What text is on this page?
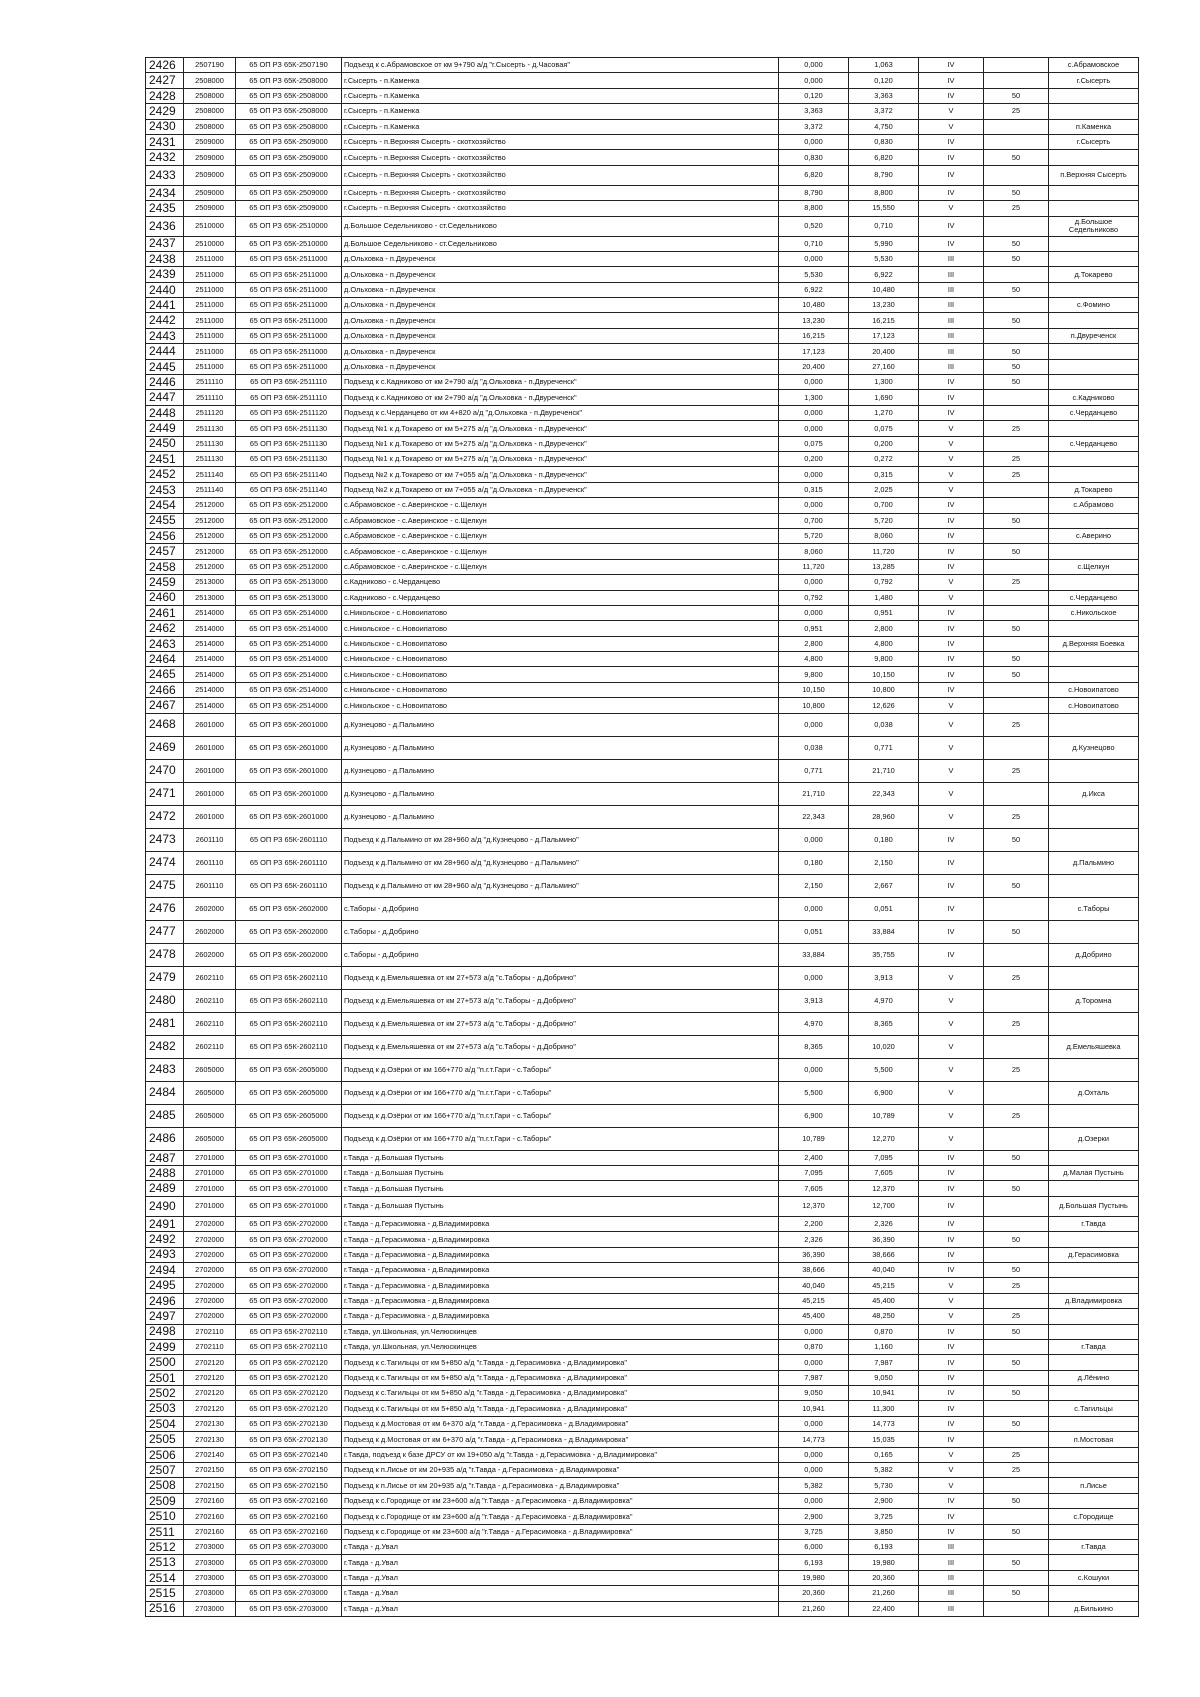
2426	2507190	65 ОП РЗ 65К-2507190	Подъезд к с.Абрамовское от км 9+790 а/д "г.Сысерть - д.Часовая"	0,000	1,063	IV		с.Абрамовское
2427	2508000	65 ОП РЗ 65К-2508000	г.Сысерть - п.Каменка	0,000	0,120	IV		г.Сысерть
2428	2508000	65 ОП РЗ 65К-2508000	г.Сысерть - п.Каменка	0,120	3,363	IV	50	
2429	2508000	65 ОП РЗ 65К-2508000	г.Сысерть - п.Каменка	3,363	3,372	V	25	
2430	2508000	65 ОП РЗ 65К-2508000	г.Сысерть - п.Каменка	3,372	4,750	V		п.Каменка
2431	2509000	65 ОП РЗ 65К-2509000	г.Сысерть - п.Верхняя Сысерть - скотхозяйство	0,000	0,830	IV		г.Сысерть
2432	2509000	65 ОП РЗ 65К-2509000	г.Сысерть - п.Верхняя Сысерть - скотхозяйство	0,830	6,820	IV	50	
2433	2509000	65 ОП РЗ 65К-2509000	г.Сысерть - п.Верхняя Сысерть - скотхозяйство	6,820	8,790	IV		п.Верхняя Сысерть
2434	2509000	65 ОП РЗ 65К-2509000	г.Сысерть - п.Верхняя Сысерть - скотхозяйство	8,790	8,800	IV	50	
2435	2509000	65 ОП РЗ 65К-2509000	г.Сысерть - п.Верхняя Сысерть - скотхозяйство	8,800	15,550	V	25	
2436	2510000	65 ОП РЗ 65К-2510000	д.Большое Седельниково - ст.Седельниково	0,520	0,710	IV		д.Большое Седельниково
2437	2510000	65 ОП РЗ 65К-2510000	д.Большое Седельниково - ст.Седельниково	0,710	5,990	IV	50	
2438	2511000	65 ОП РЗ 65К-2511000	д.Ольховка - п.Двуреченск	0,000	5,530	III	50	
2439	2511000	65 ОП РЗ 65К-2511000	д.Ольховка - п.Двуреченск	5,530	6,922	III		д.Токарево
2440	2511000	65 ОП РЗ 65К-2511000	д.Ольховка - п.Двуреченск	6,922	10,480	III	50	
2441	2511000	65 ОП РЗ 65К-2511000	д.Ольховка - п.Двуреченск	10,480	13,230	III		с.Фомино
2442	2511000	65 ОП РЗ 65К-2511000	д.Ольховка - п.Двуреченск	13,230	16,215	III	50	
2443	2511000	65 ОП РЗ 65К-2511000	д.Ольховка - п.Двуреченск	16,215	17,123	III		п.Двуреченск
2444	2511000	65 ОП РЗ 65К-2511000	д.Ольховка - п.Двуреченск	17,123	20,400	III	50	
2445	2511000	65 ОП РЗ 65К-2511000	д.Ольховка - п.Двуреченск	20,400	27,160	III	50	
2446	2511110	65 ОП РЗ 65К-2511110	Подъезд к с.Кадниково от км 2+790 а/д "д.Ольховка - п.Двуреченск"	0,000	1,300	IV	50	
2447	2511110	65 ОП РЗ 65К-2511110	Подъезд к с.Кадниково от км 2+790 а/д "д.Ольховка - п.Двуреченск"	1,300	1,690	IV		с.Кадниково
2448	2511120	65 ОП РЗ 65К-2511120	Подъезд к с.Черданцево от км 4+820 а/д "д.Ольховка - п.Двуреченск"	0,000	1,270	IV		с.Черданцево
2449	2511130	65 ОП РЗ 65К-2511130	Подъезд №1 к д.Токарево от км 5+275 а/д "д.Ольховка - п.Двуреченск"	0,000	0,075	V	25	
2450	2511130	65 ОП РЗ 65К-2511130	Подъезд №1 к д.Токарево от км 5+275 а/д "д.Ольховка - п.Двуреченск"	0,075	0,200	V		с.Черданцево
2451	2511130	65 ОП РЗ 65К-2511130	Подъезд №1 к д.Токарево от км 5+275 а/д "д.Ольховка - п.Двуреченск"	0,200	0,272	V	25	
2452	2511140	65 ОП РЗ 65К-2511140	Подъезд №2 к д.Токарево от км 7+055 а/д "д.Ольховка - п.Двуреченск"	0,000	0,315	V	25	
2453	2511140	65 ОП РЗ 65К-2511140	Подъезд №2 к д.Токарево от км 7+055 а/д "д.Ольховка - п.Двуреченск"	0,315	2,025	V		д.Токарево
2454	2512000	65 ОП РЗ 65К-2512000	с.Абрамовское - с.Аверинское - с.Щелкун	0,000	0,700	IV		с.Абрамово
2455	2512000	65 ОП РЗ 65К-2512000	с.Абрамовское - с.Аверинское - с.Щелкун	0,700	5,720	IV	50	
2456	2512000	65 ОП РЗ 65К-2512000	с.Абрамовское - с.Аверинское - с.Щелкун	5,720	8,060	IV		с.Аверино
2457	2512000	65 ОП РЗ 65К-2512000	с.Абрамовское - с.Аверинское - с.Щелкун	8,060	11,720	IV	50	
2458	2512000	65 ОП РЗ 65К-2512000	с.Абрамовское - с.Аверинское - с.Щелкун	11,720	13,285	IV		с.Щелкун
2459	2513000	65 ОП РЗ 65К-2513000	с.Кадниково - с.Черданцево	0,000	0,792	V	25	
2460	2513000	65 ОП РЗ 65К-2513000	с.Кадниково - с.Черданцево	0,792	1,480	V		с.Черданцево
2461	2514000	65 ОП РЗ 65К-2514000	с.Никольское - с.Новоипатово	0,000	0,951	IV		с.Никольское
2462	2514000	65 ОП РЗ 65К-2514000	с.Никольское - с.Новоипатово	0,951	2,800	IV	50	
2463	2514000	65 ОП РЗ 65К-2514000	с.Никольское - с.Новоипатово	2,800	4,800	IV		д.Верхняя Боевка
2464	2514000	65 ОП РЗ 65К-2514000	с.Никольское - с.Новоипатово	4,800	9,800	IV	50	
2465	2514000	65 ОП РЗ 65К-2514000	с.Никольское - с.Новоипатово	9,800	10,150	IV	50	
2466	2514000	65 ОП РЗ 65К-2514000	с.Никольское - с.Новоипатово	10,150	10,800	IV		с.Новоипатово
2467	2514000	65 ОП РЗ 65К-2514000	с.Никольское - с.Новоипатово	10,800	12,626	V		с.Новоипатово
2468	2601000	65 ОП РЗ 65К-2601000	д.Кузнецово - д.Пальмино	0,000	0,038	V	25	
2469	2601000	65 ОП РЗ 65К-2601000	д.Кузнецово - д.Пальмино	0,038	0,771	V		д.Кузнецово
2470	2601000	65 ОП РЗ 65К-2601000	д.Кузнецово - д.Пальмино	0,771	21,710	V	25	
2471	2601000	65 ОП РЗ 65К-2601000	д.Кузнецово - д.Пальмино	21,710	22,343	V		д.Икса
2472	2601000	65 ОП РЗ 65К-2601000	д.Кузнецово - д.Пальмино	22,343	28,960	V	25	
2473	2601110	65 ОП РЗ 65К-2601110	Подъезд к д.Пальмино от км 28+960 а/д "д.Кузнецово - д.Пальмино"	0,000	0,180	IV	50	
2474	2601110	65 ОП РЗ 65К-2601110	Подъезд к д.Пальмино от км 28+960 а/д "д.Кузнецово - д.Пальмино"	0,180	2,150	IV		д.Пальмино
2475	2601110	65 ОП РЗ 65К-2601110	Подъезд к д.Пальмино от км 28+960 а/д "д.Кузнецово - д.Пальмино"	2,150	2,667	IV	50	
2476	2602000	65 ОП РЗ 65К-2602000	с.Таборы - д.Добрино	0,000	0,051	IV		с.Таборы
2477	2602000	65 ОП РЗ 65К-2602000	с.Таборы - д.Добрино	0,051	33,884	IV	50	
2478	2602000	65 ОП РЗ 65К-2602000	с.Таборы - д.Добрино	33,884	35,755	IV		д.Добрино
2479	2602110	65 ОП РЗ 65К-2602110	Подъезд к д.Емельяшевка от км 27+573 а/д "с.Таборы - д.Добрино"	0,000	3,913	V	25	
2480	2602110	65 ОП РЗ 65К-2602110	Подъезд к д.Емельяшевка от км 27+573 а/д "с.Таборы - д.Добрино"	3,913	4,970	V		д.Торомна
2481	2602110	65 ОП РЗ 65К-2602110	Подъезд к д.Емельяшевка от км 27+573 а/д "с.Таборы - д.Добрино"	4,970	8,365	V	25	
2482	2602110	65 ОП РЗ 65К-2602110	Подъезд к д.Емельяшевка от км 27+573 а/д "с.Таборы - д.Добрино"	8,365	10,020	V		д.Емельяшевка
2483	2605000	65 ОП РЗ 65К-2605000	Подъезд к д.Озёрки от км 166+770 а/д "п.г.т.Гари - с.Таборы"	0,000	5,500	V	25	
2484	2605000	65 ОП РЗ 65К-2605000	Подъезд к д.Озёрки от км 166+770 а/д "п.г.т.Гари - с.Таборы"	5,500	6,900	V		д.Охталь
2485	2605000	65 ОП РЗ 65К-2605000	Подъезд к д.Озёрки от км 166+770 а/д "п.г.т.Гари - с.Таборы"	6,900	10,789	V	25	
2486	2605000	65 ОП РЗ 65К-2605000	Подъезд к д.Озёрки от км 166+770 а/д "п.г.т.Гари - с.Таборы"	10,789	12,270	V		д.Озерки
2487	2701000	65 ОП РЗ 65К-2701000	г.Тавда - д.Большая Пустынь	2,400	7,095	IV	50	
2488	2701000	65 ОП РЗ 65К-2701000	г.Тавда - д.Большая Пустынь	7,095	7,605	IV		д.Малая Пустынь
2489	2701000	65 ОП РЗ 65К-2701000	г.Тавда - д.Большая Пустынь	7,605	12,370	IV	50	
2490	2701000	65 ОП РЗ 65К-2701000	г.Тавда - д.Большая Пустынь	12,370	12,700	IV		д.Большая Пустынь
2491	2702000	65 ОП РЗ 65К-2702000	г.Тавда - д.Герасимовка - д.Владимировка	2,200	2,326	IV		г.Тавда
2492	2702000	65 ОП РЗ 65К-2702000	г.Тавда - д.Герасимовка - д.Владимировка	2,326	36,390	IV	50	
2493	2702000	65 ОП РЗ 65К-2702000	г.Тавда - д.Герасимовка - д.Владимировка	36,390	38,666	IV		д.Герасимовка
2494	2702000	65 ОП РЗ 65К-2702000	г.Тавда - д.Герасимовка - д.Владимировка	38,666	40,040	IV	50	
2495	2702000	65 ОП РЗ 65К-2702000	г.Тавда - д.Герасимовка - д.Владимировка	40,040	45,215	V	25	
2496	2702000	65 ОП РЗ 65К-2702000	г.Тавда - д.Герасимовка - д.Владимировка	45,215	45,400	V		д.Владимировка
2497	2702000	65 ОП РЗ 65К-2702000	г.Тавда - д.Герасимовка - д.Владимировка	45,400	48,250	V	25	
2498	2702110	65 ОП РЗ 65К-2702110	г.Тавда, ул.Школьная, ул.Челюскинцев	0,000	0,870	IV	50	
2499	2702110	65 ОП РЗ 65К-2702110	г.Тавда, ул.Школьная, ул.Челюскинцев	0,870	1,160	IV		г.Тавда
2500	2702120	65 ОП РЗ 65К-2702120	Подъезд к с.Тагильцы от км 5+850 а/д "г.Тавда - д.Герасимовка - д.Владимировка"	0,000	7,987	IV	50	
2501	2702120	65 ОП РЗ 65К-2702120	Подъезд к с.Тагильцы от км 5+850 а/д "г.Тавда - д.Герасимовка - д.Владимировка"	7,987	9,050	IV		д.Лёнино
2502	2702120	65 ОП РЗ 65К-2702120	Подъезд к с.Тагильцы от км 5+850 а/д "г.Тавда - д.Герасимовка - д.Владимировка"	9,050	10,941	IV	50	
2503	2702120	65 ОП РЗ 65К-2702120	Подъезд к с.Тагильцы от км 5+850 а/д "г.Тавда - д.Герасимовка - д.Владимировка"	10,941	11,300	IV		с.Тагильцы
2504	2702130	65 ОП РЗ 65К-2702130	Подъезд к д.Мостовая от км 6+370 а/д "г.Тавда - д.Герасимовка - д.Владимировка"	0,000	14,773	IV	50	
2505	2702130	65 ОП РЗ 65К-2702130	Подъезд к д.Мостовая от км 6+370 а/д "г.Тавда - д.Герасимовка - д.Владимировка"	14,773	15,035	IV		п.Мостовая
2506	2702140	65 ОП РЗ 65К-2702140	г.Тавда, подъезд к базе ДРСУ от км 19+050 а/д "г.Тавда - д.Герасимовка - д.Владимировка"	0,000	0,165	V	25	
2507	2702150	65 ОП РЗ 65К-2702150	Подъезд к п.Лисье от км 20+935 а/д "г.Тавда - д.Герасимовка - д.Владимировка"	0,000	5,382	V	25	
2508	2702150	65 ОП РЗ 65К-2702150	Подъезд к п.Лисье от км 20+935 а/д "г.Тавда - д.Герасимовка - д.Владимировка"	5,382	5,730	V		п.Лисье
2509	2702160	65 ОП РЗ 65К-2702160	Подъезд к с.Городище от км 23+600 а/д "г.Тавда - д.Герасимовка - д.Владимировка"	0,000	2,900	IV	50	
2510	2702160	65 ОП РЗ 65К-2702160	Подъезд к с.Городище от км 23+600 а/д "г.Тавда - д.Герасимовка - д.Владимировка"	2,900	3,725	IV		с.Городище
2511	2702160	65 ОП РЗ 65К-2702160	Подъезд к с.Городище от км 23+600 а/д "г.Тавда - д.Герасимовка - д.Владимировка"	3,725	3,850	IV	50	
2512	2703000	65 ОП РЗ 65К-2703000	г.Тавда - д.Увал	6,000	6,193	III		г.Тавда
2513	2703000	65 ОП РЗ 65К-2703000	г.Тавда - д.Увал	6,193	19,980	III	50	
2514	2703000	65 ОП РЗ 65К-2703000	г.Тавда - д.Увал	19,980	20,360	III		с.Кошуки
2515	2703000	65 ОП РЗ 65К-2703000	г.Тавда - д.Увал	20,360	21,260	III	50	
2516	2703000	65 ОП РЗ 65К-2703000	г.Тавда - д.Увал	21,260	22,400	III		д.Билькино
